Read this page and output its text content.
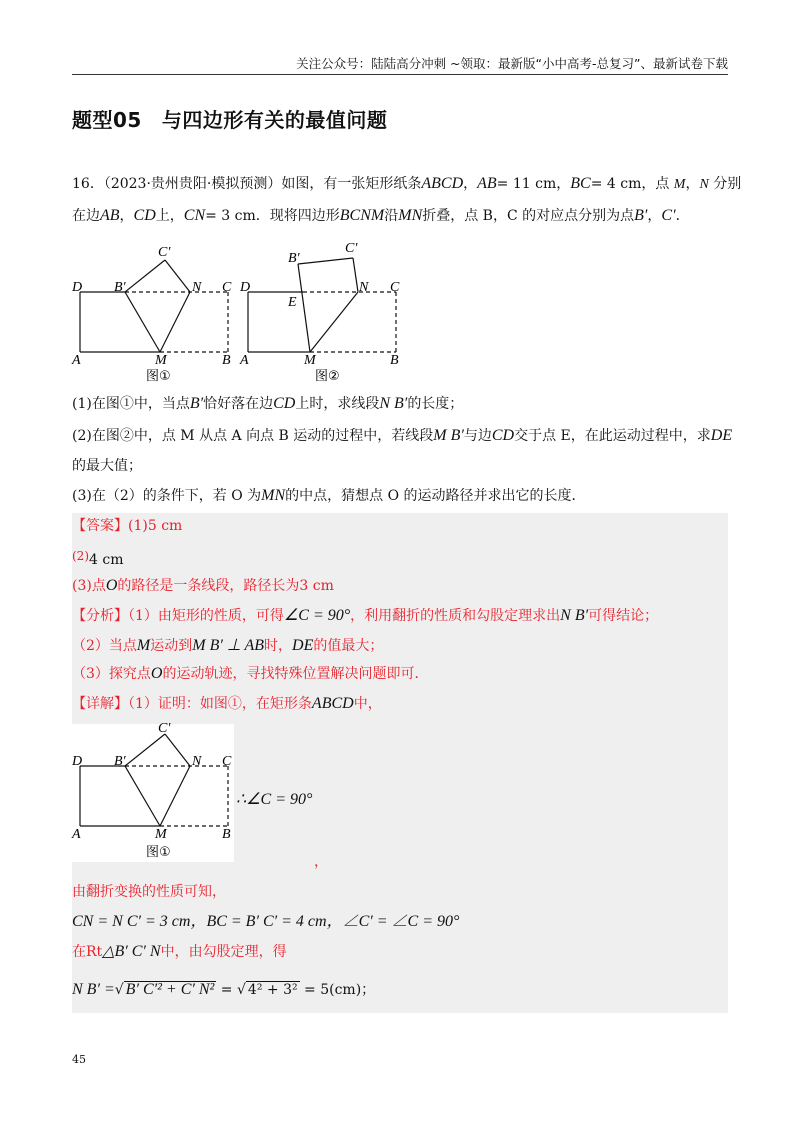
关注公众号：陆陆高分冲刺 ~领取：最新版“小中高考-总复习”、最新试卷下载
题型05 与四边形有关的最值问题
16．（2023·贵州贵阳·模拟预测）如图，有一张矩形纸条ABCD，AB= 11 cm，BC= 4 cm，点 M，N 分别
在边AB，CD上，CN= 3 cm．现将四边形BCNM沿MN折叠，点 B，C 的对应点分别为点B′，C′．
D B′
C′
N C
A	M	B
D
B′
C′
N C
E
A	M	B
图①	图②
(1)在图①中，当点B′恰好落在边CD上时，求线段N B′的长度；
(2)在图②中，点 M 从点 A 向点 B 运动的过程中，若线段M B′与边CD交于点 E，在此运动过程中，求DE
的最大值；
(3)在（2）的条件下，若 O 为MN的中点，猜想点 O 的运动路径并求出它的长度．
【答案】(1)5 cm
(2)4 cm
(3)点O的路径是一条线段，路径长为3 cm
【分析】（1）由矩形的性质，可得∠C = 90°，利用翻折的性质和勾股定理求出N B′可得结论；
（2）当点M运动到M B′ ⊥ AB时，DE的值最大；
（3）探究点O的运动轨迹，寻找特殊位置解决问题即可．
【详解】（1）证明：如图①，在矩形条ABCD中，
D B′
C′
N C
A	M	B
图①
∴∠C = 90°
，
由翻折变换的性质可知，
CN = N C′ = 3 cm，BC = B′ C′ = 4 cm，∠C′ = ∠C = 90°
在Rt△B′ C′ N中，由勾股定理，得
N B′ =√ B′ C′² + C′ N² = √ 4² + 3² = 5(cm)；
45
